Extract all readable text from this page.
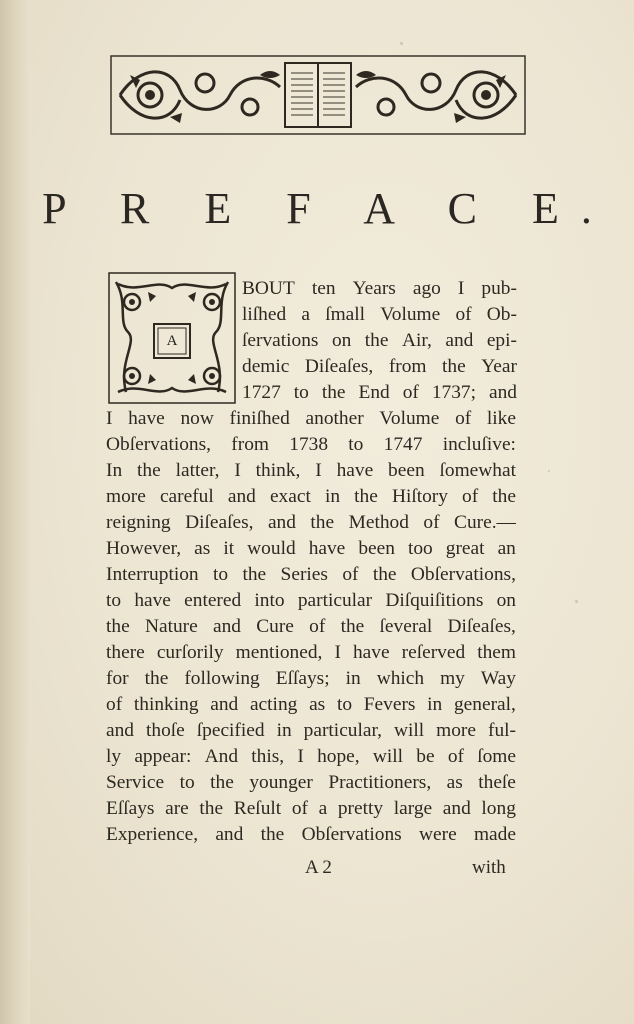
P R E F A C E.
A
BOUT ten Years ago I pub-
liſhed a ſmall Volume of Ob-
ſervations on the Air, and epi-
demic Diſeaſes, from the Year
1727 to the End of 1737; and
I have now finiſhed another Volume of like
Obſervations, from 1738 to 1747 incluſive:
In the latter, I think, I have been ſomewhat
more careful and exact in the Hiſtory of the
reigning Diſeaſes, and the Method of Cure.—
However, as it would have been too great an
Interruption to the Series of the Obſervations,
to have entered into particular Diſquiſitions on
the Nature and Cure of the ſeveral Diſeaſes,
there curſorily mentioned, I have reſerved them
for the following Eſſays; in which my Way
of thinking and acting as to Fevers in general,
and thoſe ſpecified in particular, will more ful-
ly appear: And this, I hope, will be of ſome
Service to the younger Practitioners, as theſe
Eſſays are the Reſult of a pretty large and long
Experience, and the Obſervations were made
A 2	with
